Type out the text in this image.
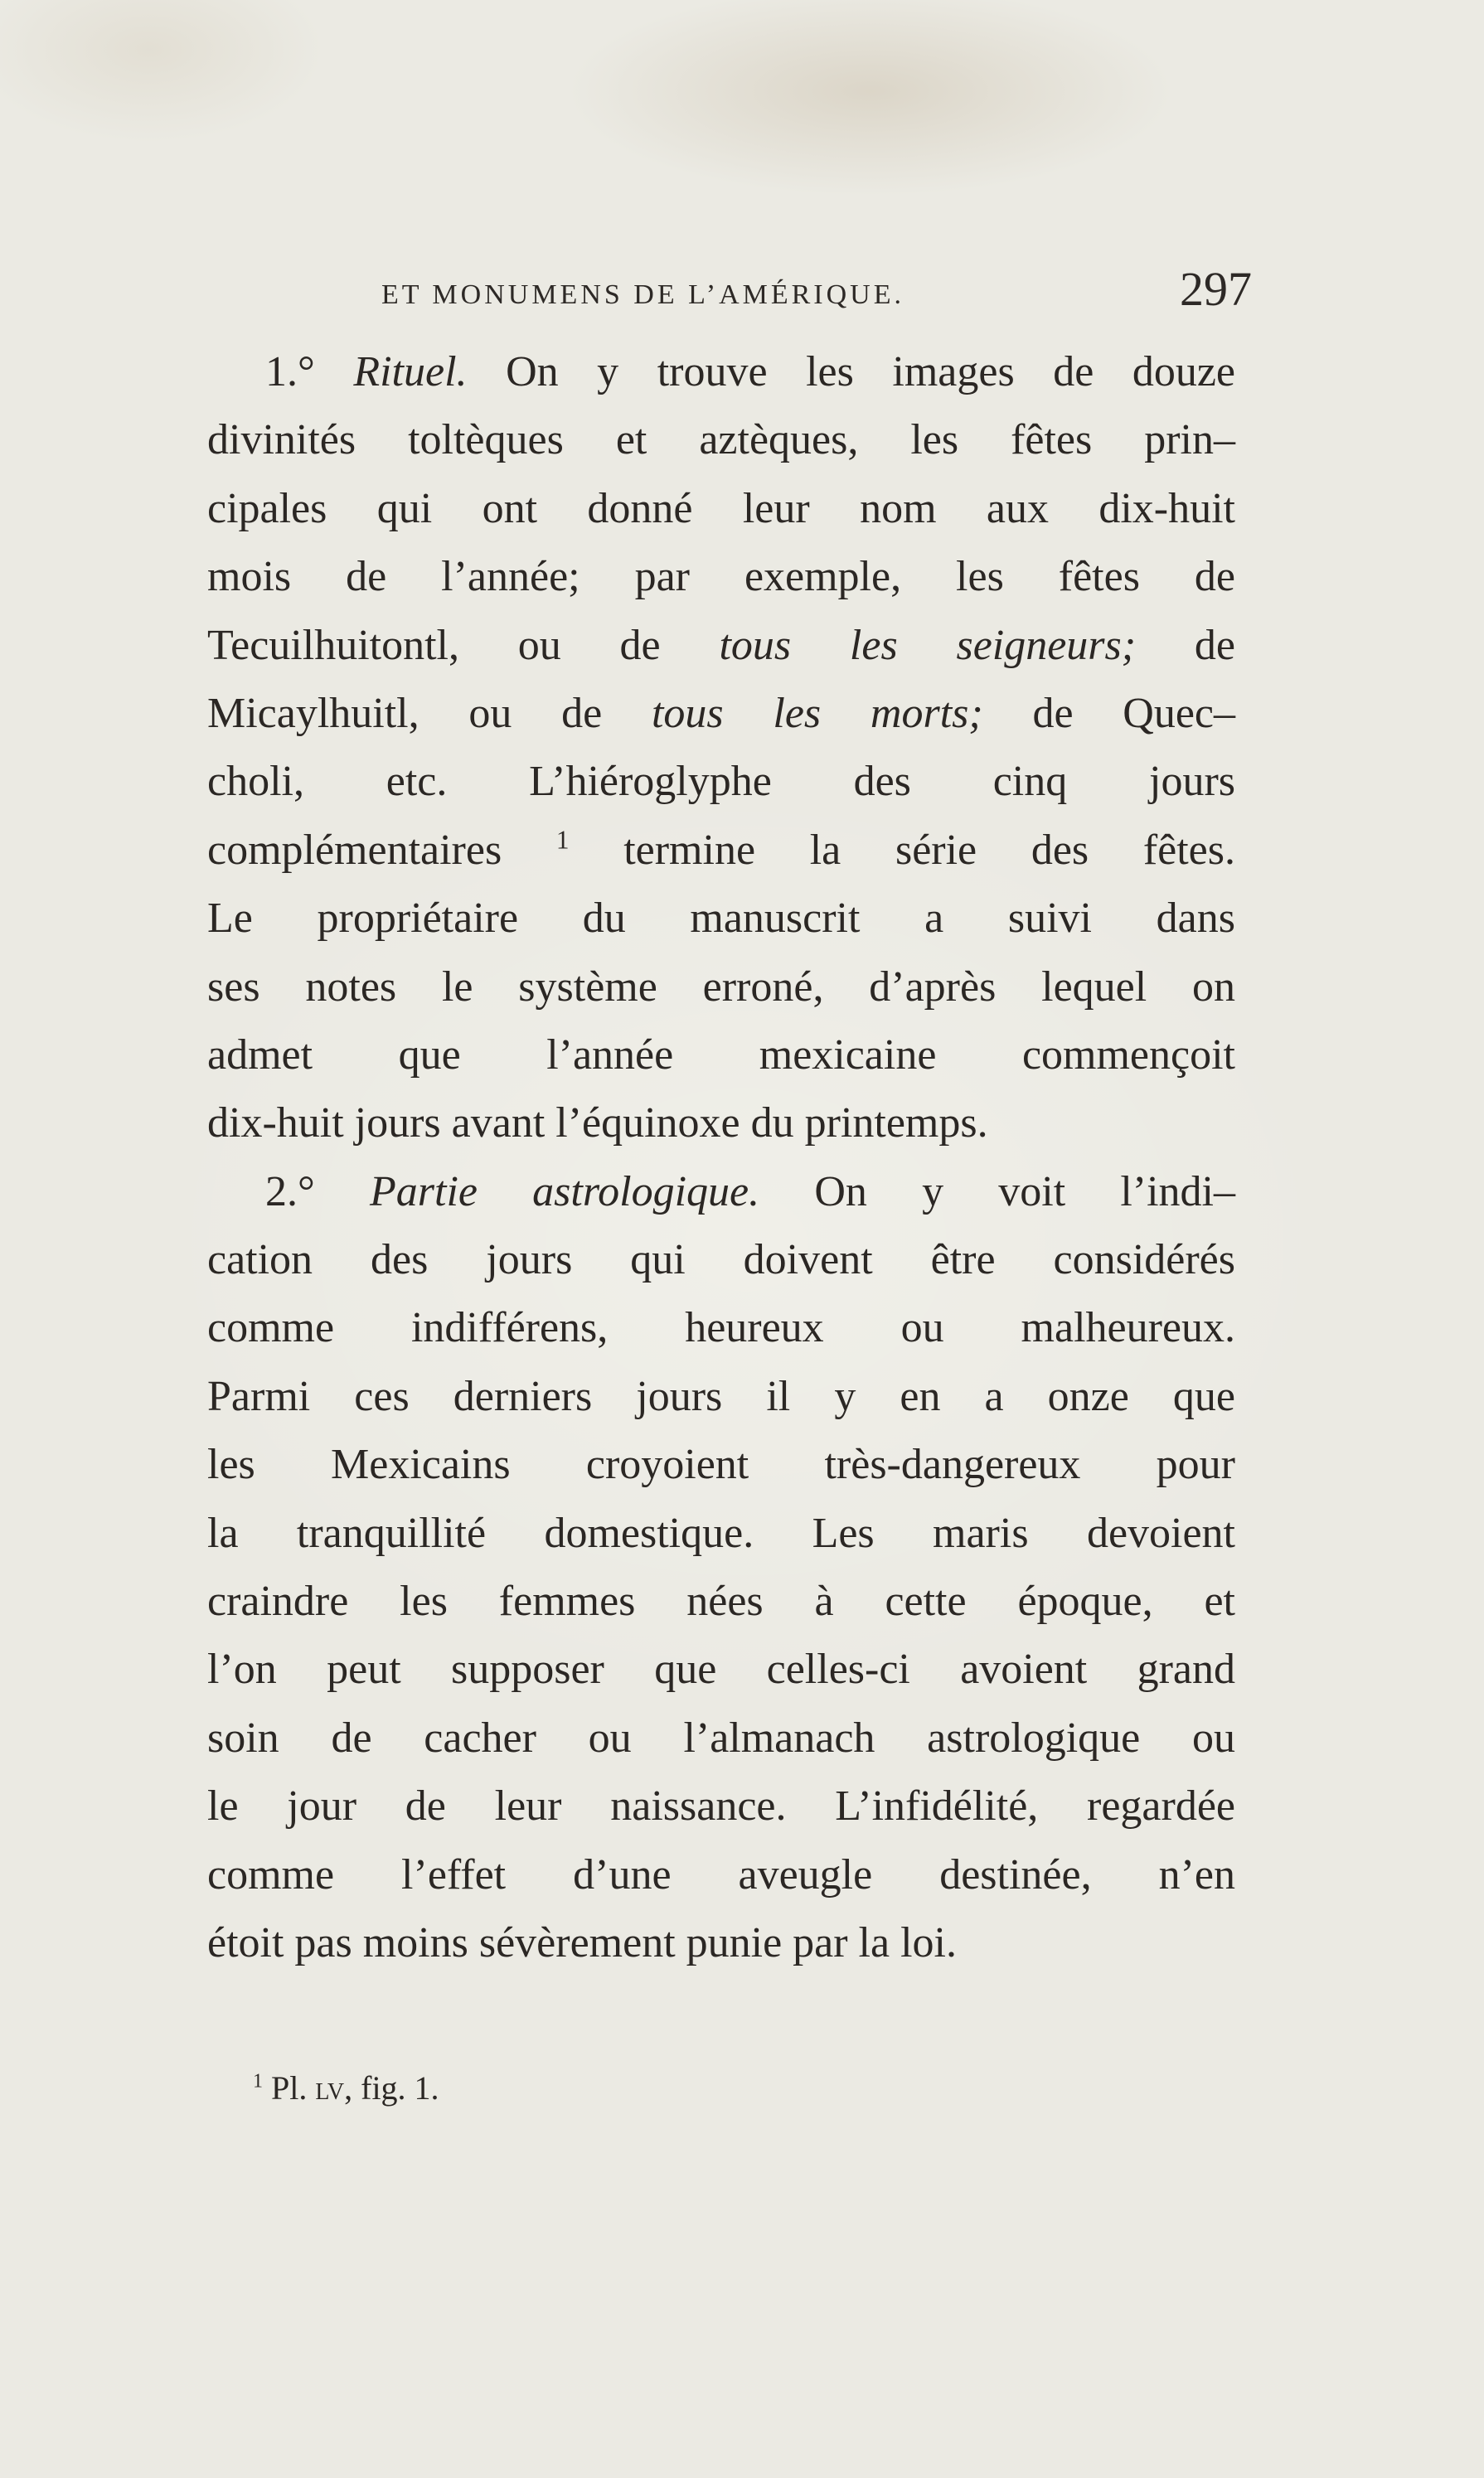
ET MONUMENS DE L’AMÉRIQUE.	297
1.° Rituel. On y trouve les images de douze
divinités toltèques et aztèques, les fêtes prin–
cipales qui ont donné leur nom aux dix-huit
mois de l’année; par exemple, les fêtes de
Tecuilhuitontl, ou de tous les seigneurs; de
Micaylhuitl, ou de tous les morts; de Quec–
choli, etc. L’hiéroglyphe des cinq jours
complémentaires $^1$ termine la série des fêtes.
Le propriétaire du manuscrit a suivi dans
ses notes le système erroné, d’après lequel on
admet que l’année mexicaine commençoit
dix-huit jours avant l’équinoxe du printemps.
2.° Partie astrologique. On y voit l’indi–
cation des jours qui doivent être considérés
comme indifférens, heureux ou malheureux.
Parmi ces derniers jours il y en a onze que
les Mexicains croyoient très-dangereux pour
la tranquillité domestique. Les maris devoient
craindre les femmes nées à cette époque, et
l’on peut supposer que celles-ci avoient grand
soin de cacher ou l’almanach astrologique ou
le jour de leur naissance. L’infidélité, regardée
comme l’effet d’une aveugle destinée, n’en
étoit pas moins sévèrement punie par la loi.
$^1$ Pl. lv, fig. 1.
